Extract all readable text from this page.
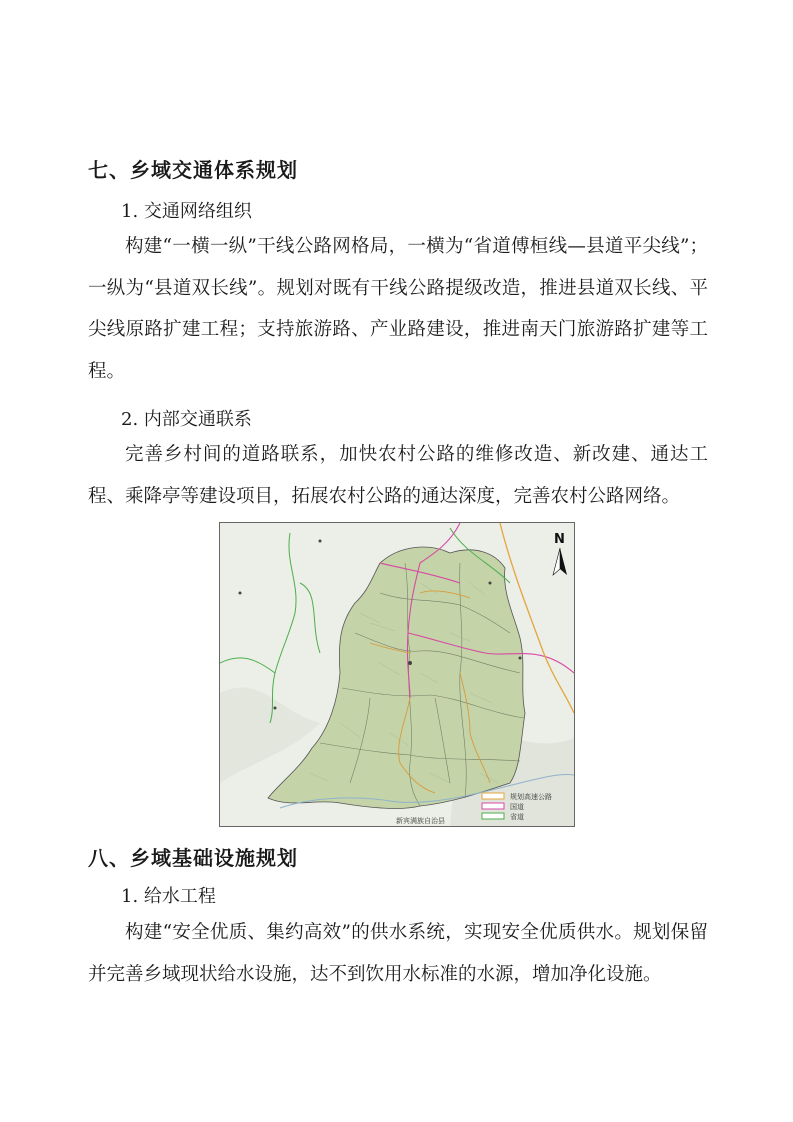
七、乡域交通体系规划
1. 交通网络组织

构建“一横一纵”干线公路网格局，一横为“省道傅桓线—县道平尖线”；一纵为“县道双长线”。规划对既有干线公路提级改造，推进县道双长线、平尖线原路扩建工程；支持旅游路、产业路建设，推进南天门旅游路扩建等工程。

2. 内部交通联系

完善乡村间的道路联系，加快农村公路的维修改造、新改建、通达工程、乘降亭等建设项目，拓展农村公路的通达深度，完善农村公路网络。

N
规划高速公路
国道
省道
新宾满族自治县
八、乡域基础设施规划
1. 给水工程

构建“安全优质、集约高效”的供水系统，实现安全优质供水。规划保留并完善乡域现状给水设施，达不到饮用水标准的水源，增加净化设施。
